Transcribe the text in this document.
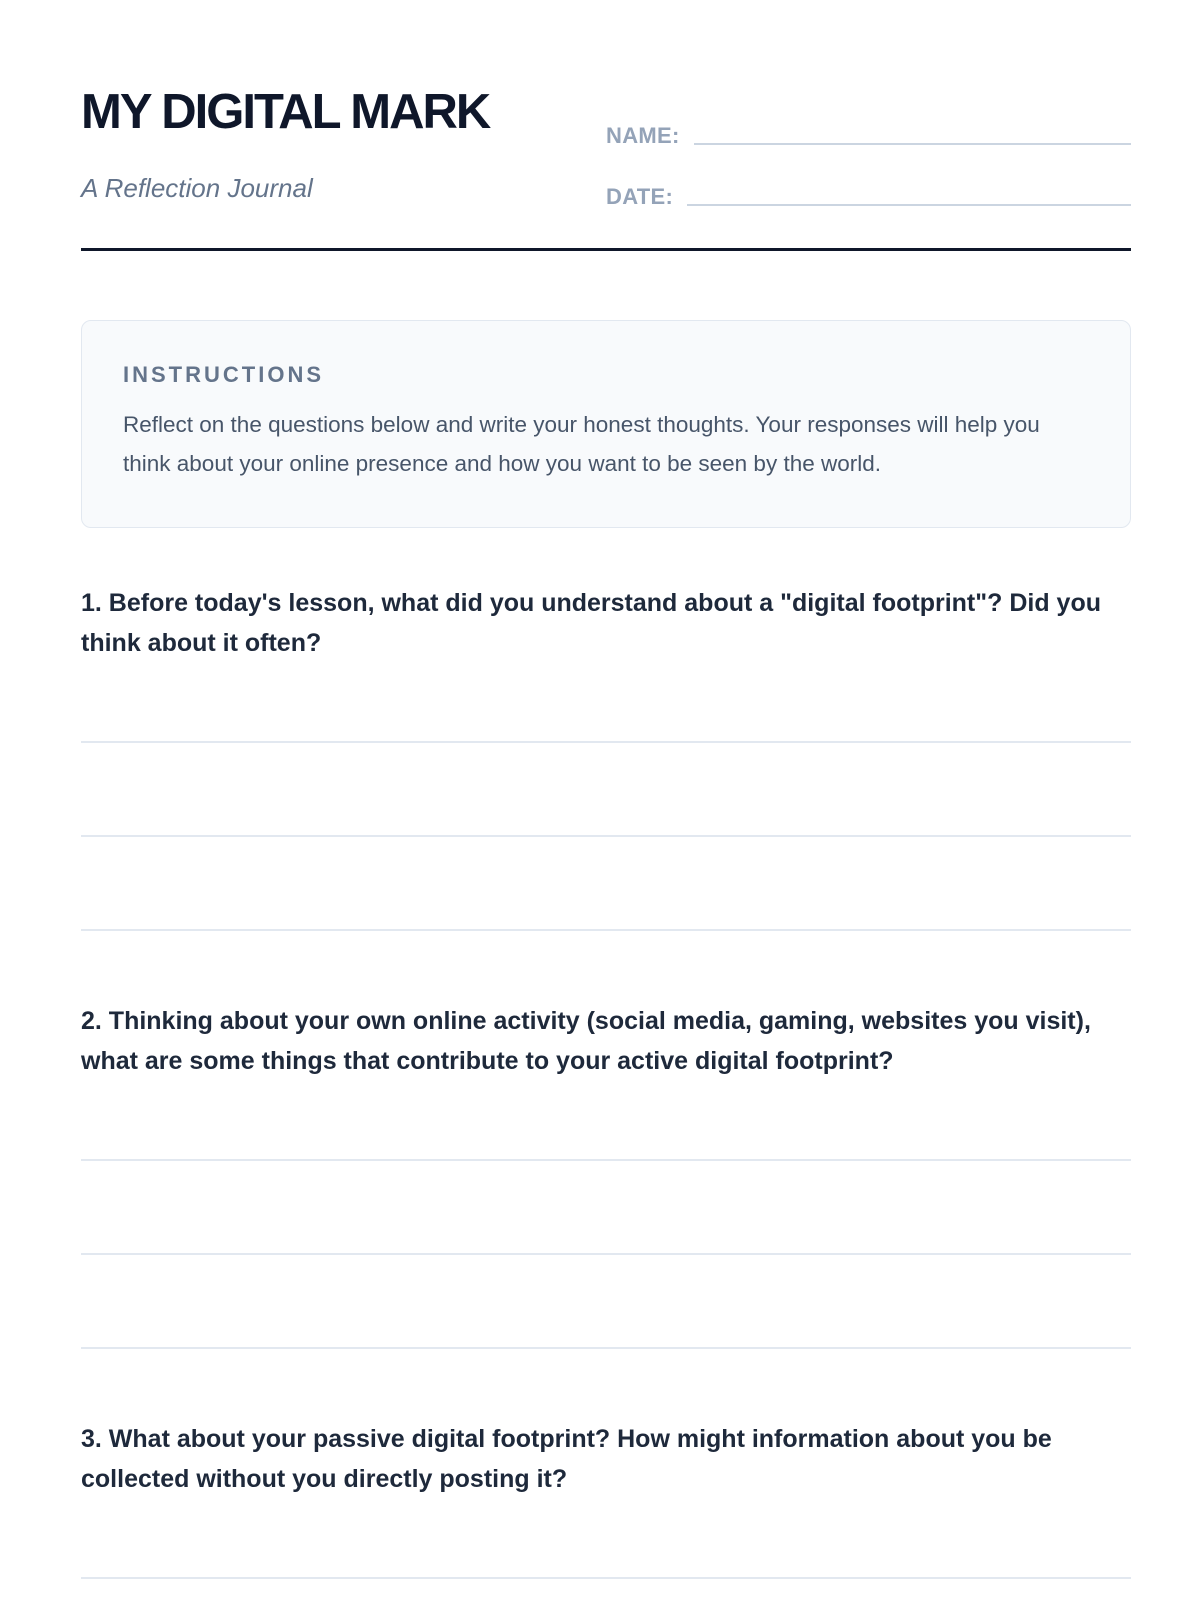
MY DIGITAL MARK

A Reflection Journal

NAME:
DATE:
INSTRUCTIONS

Reflect on the questions below and write your honest thoughts. Your responses will help you think about your online presence and how you want to be seen by the world.

1. Before today's lesson, what did you understand about a "digital footprint"? Did you think about it often?

2. Thinking about your own online activity (social media, gaming, websites you visit), what are some things that contribute to your active digital footprint?

3. What about your passive digital footprint? How might information about you be collected without you directly posting it?
